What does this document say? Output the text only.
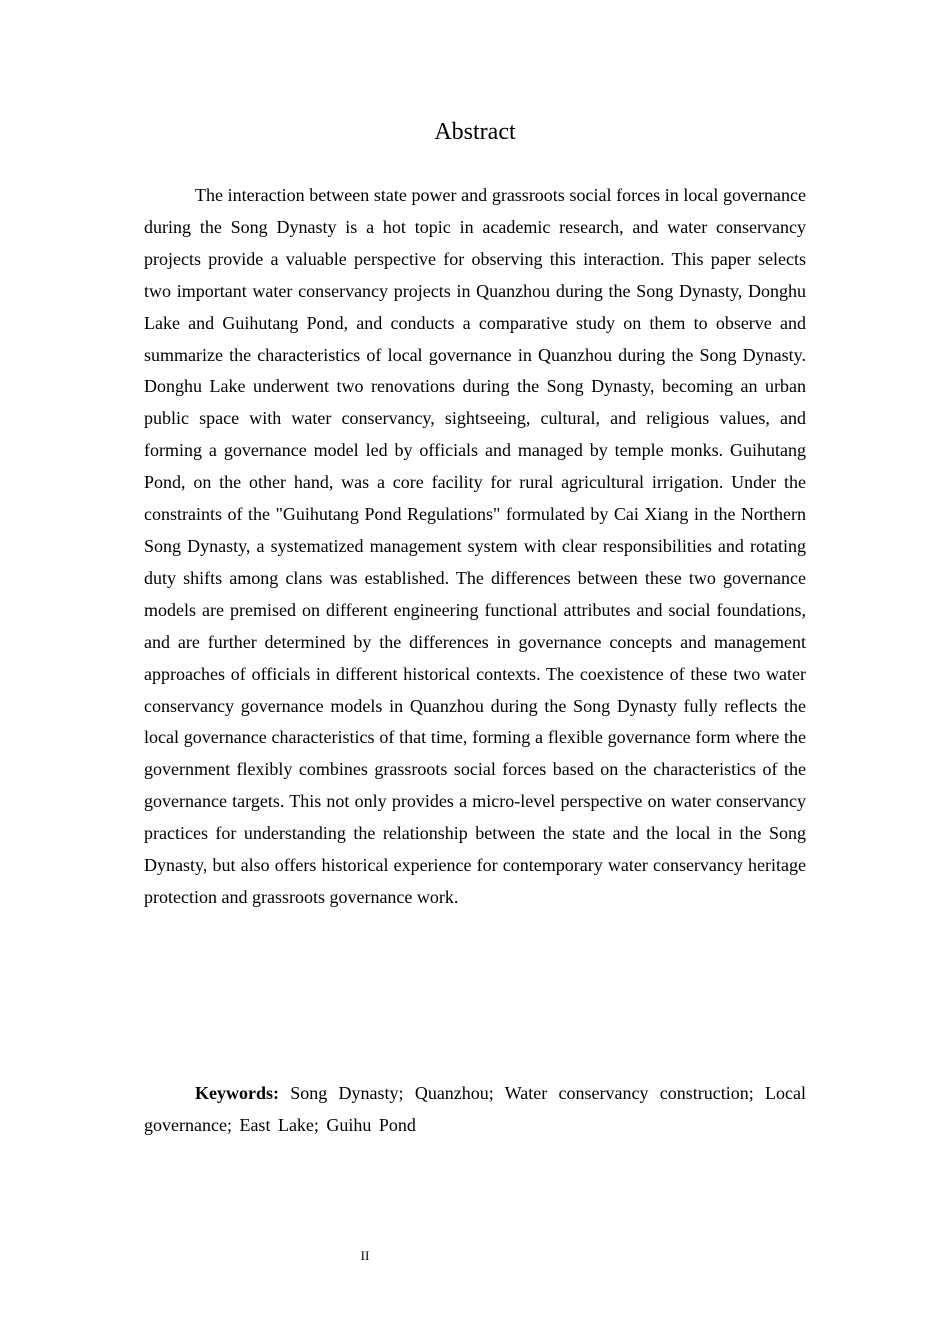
Abstract

The interaction between state power and grassroots social forces in local governance during the Song Dynasty is a hot topic in academic research, and water conservancy projects provide a valuable perspective for observing this interaction. This paper selects two important water conservancy projects in Quanzhou during the Song Dynasty, Donghu Lake and Guihutang Pond, and conducts a comparative study on them to observe and summarize the characteristics of local governance in Quanzhou during the Song Dynasty. Donghu Lake underwent two renovations during the Song Dynasty, becoming an urban public space with water conservancy, sightseeing, cultural, and religious values, and forming a governance model led by officials and managed by temple monks. Guihutang Pond, on the other hand, was a core facility for rural agricultural irrigation. Under the constraints of the "Guihutang Pond Regulations" formulated by Cai Xiang in the Northern Song Dynasty, a systematized management system with clear responsibilities and rotating duty shifts among clans was established. The differences between these two governance models are premised on different engineering functional attributes and social foundations, and are further determined by the differences in governance concepts and management approaches of officials in different historical contexts. The coexistence of these two water conservancy governance models in Quanzhou during the Song Dynasty fully reflects the local governance characteristics of that time, forming a flexible governance form where the government flexibly combines grassroots social forces based on the characteristics of the governance targets. This not only provides a micro-level perspective on water conservancy practices for understanding the relationship between the state and the local in the Song Dynasty, but also offers historical experience for contemporary water conservancy heritage protection and grassroots governance work.

Keywords: Song Dynasty; Quanzhou; Water conservancy construction; Local governance; East Lake; Guihu Pond

II
